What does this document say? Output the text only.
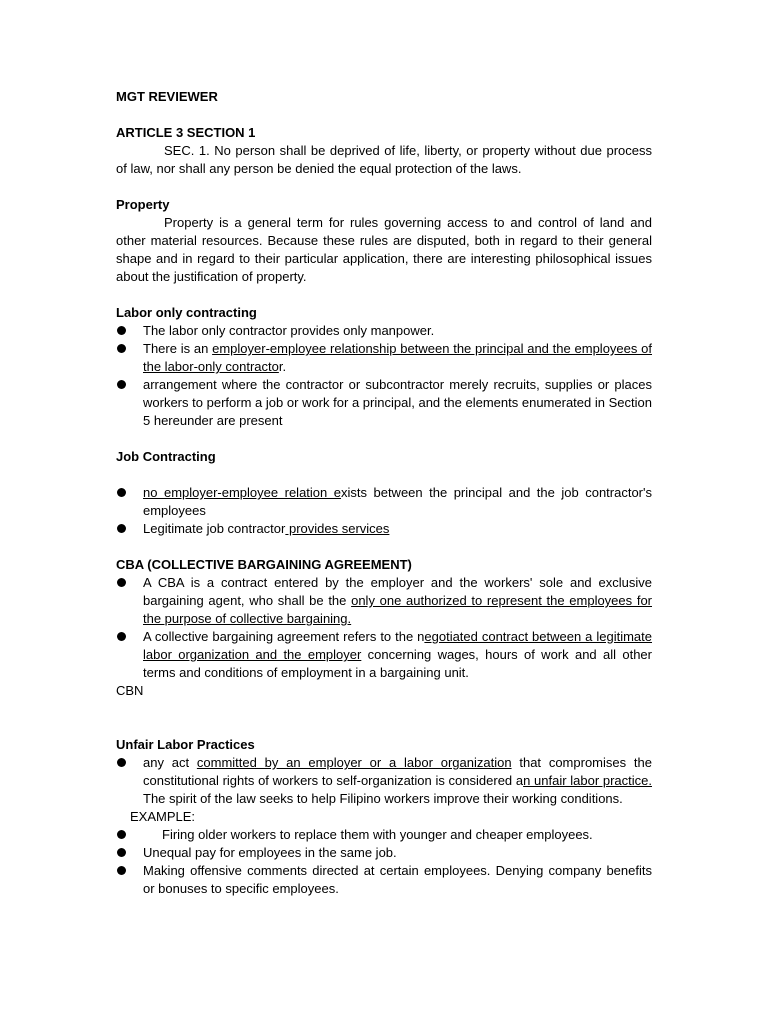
MGT REVIEWER

ARTICLE 3 SECTION 1

SEC. 1. No person shall be deprived of life, liberty, or property without due process of law, nor shall any person be denied the equal protection of the laws.

Property

Property is a general term for rules governing access to and control of land and other material resources. Because these rules are disputed, both in regard to their general shape and in regard to their particular application, there are interesting philosophical issues about the justification of property.

Labor only contracting

The labor only contractor provides only manpower.
There is an employer-employee relationship between the principal and the employees of the labor-only contractor.
arrangement where the contractor or subcontractor merely recruits, supplies or places workers to perform a job or work for a principal, and the elements enumerated in Section 5 hereunder are present

Job Contracting

no employer-employee relation exists between the principal and the job contractor's employees
Legitimate job contractor provides services

CBA (COLLECTIVE BARGAINING AGREEMENT)

A CBA is a contract entered by the employer and the workers' sole and exclusive bargaining agent, who shall be the only one authorized to represent the employees for the purpose of collective bargaining.
A collective bargaining agreement refers to the negotiated contract between a legitimate labor organization and the employer concerning wages, hours of work and all other terms and conditions of employment in a bargaining unit.

CBN

Unfair Labor Practices

any act committed by an employer or a labor organization that compromises the constitutional rights of workers to self-organization is considered an unfair labor practice. The spirit of the law seeks to help Filipino workers improve their working conditions.

EXAMPLE:

Firing older workers to replace them with younger and cheaper employees.
Unequal pay for employees in the same job.
Making offensive comments directed at certain employees. Denying company benefits or bonuses to specific employees.
